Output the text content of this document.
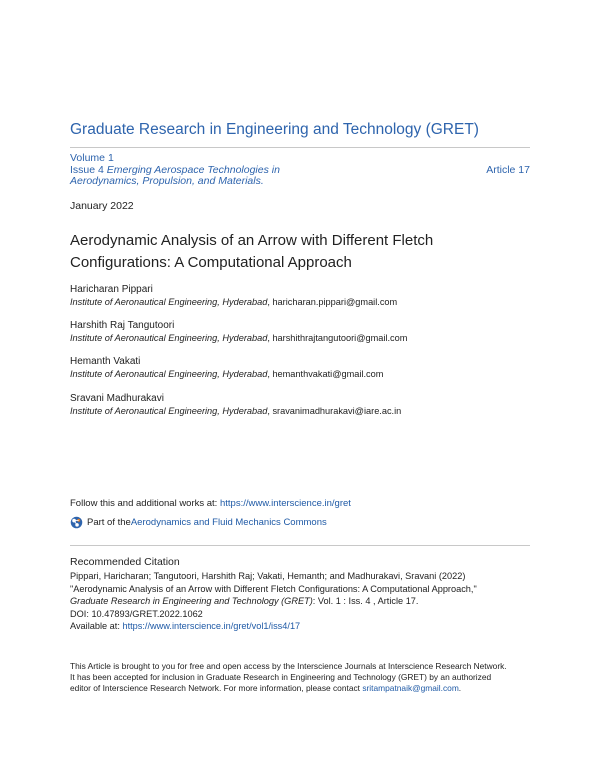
Graduate Research in Engineering and Technology (GRET)
Volume 1
Issue 4 Emerging Aerospace Technologies in
Aerodynamics, Propulsion, and Materials.
Article 17
January 2022
Aerodynamic Analysis of an Arrow with Different Fletch
Configurations: A Computational Approach
Haricharan Pippari
Institute of Aeronautical Engineering, Hyderabad, haricharan.pippari@gmail.com
Harshith Raj Tangutoori
Institute of Aeronautical Engineering, Hyderabad, harshithrajtangutoori@gmail.com
Hemanth Vakati
Institute of Aeronautical Engineering, Hyderabad, hemanthvakati@gmail.com
Sravani Madhurakavi
Institute of Aeronautical Engineering, Hyderabad, sravanimadhurakavi@iare.ac.in
Follow this and additional works at: https://www.interscience.in/gret
Part of the Aerodynamics and Fluid Mechanics Commons
Recommended Citation
Pippari, Haricharan; Tangutoori, Harshith Raj; Vakati, Hemanth; and Madhurakavi, Sravani (2022)
"Aerodynamic Analysis of an Arrow with Different Fletch Configurations: A Computational Approach,"
Graduate Research in Engineering and Technology (GRET): Vol. 1 : Iss. 4 , Article 17.
DOI: 10.47893/GRET.2022.1062
Available at: https://www.interscience.in/gret/vol1/iss4/17
This Article is brought to you for free and open access by the Interscience Journals at Interscience Research Network. It has been accepted for inclusion in Graduate Research in Engineering and Technology (GRET) by an authorized editor of Interscience Research Network. For more information, please contact sritampatnaik@gmail.com.
